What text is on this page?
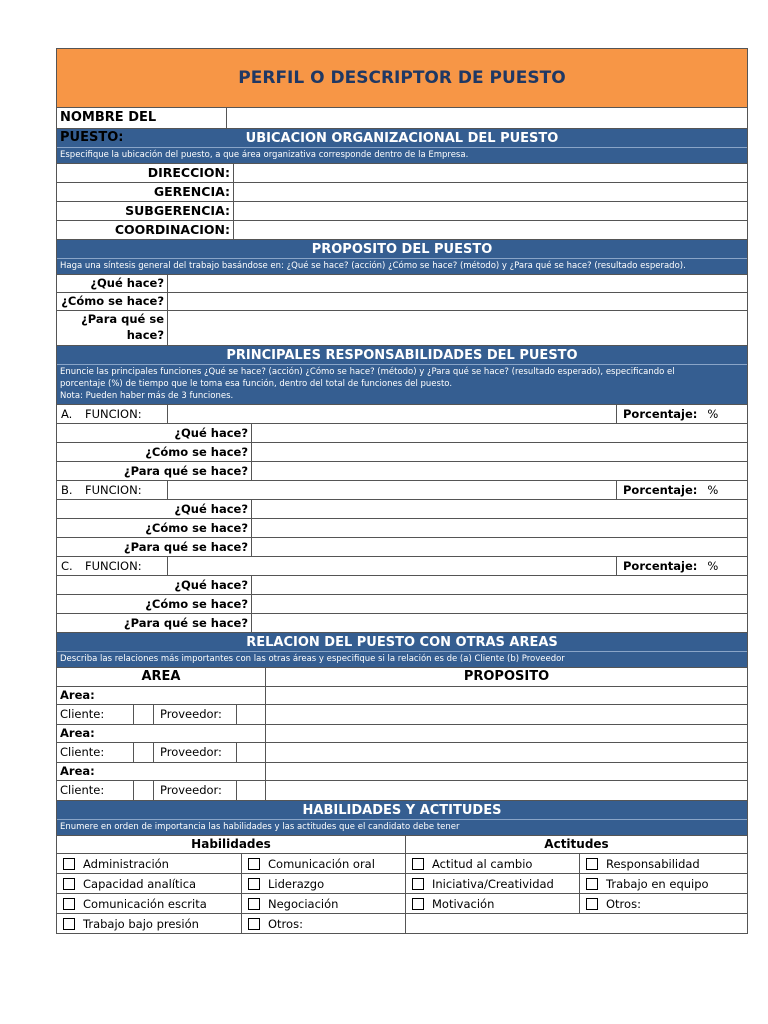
PERFIL O DESCRIPTOR DE PUESTO
NOMBRE DEL PUESTO:	UBICACION ORGANIZACIONAL DEL PUESTO
Especifique la ubicación del puesto, a que área organizativa corresponde dentro de la Empresa.
DIRECCION:
GERENCIA:
SUBGERENCIA:
COORDINACION:
PROPOSITO DEL PUESTO
Haga una síntesis general del trabajo basándose en: ¿Qué se hace? (acción) ¿Cómo se hace? (método) y ¿Para qué se hace? (resultado esperado).
¿Qué hace?
¿Cómo se hace?
¿Para qué se
hace?
PRINCIPALES RESPONSABILIDADES DEL PUESTO
Enuncie las principales funciones ¿Qué se hace? (acción) ¿Cómo se hace? (método) y ¿Para qué se hace? (resultado esperado), especificando el
porcentaje (%) de tiempo que le toma esa función, dentro del total de funciones del puesto.
Nota: Pueden haber más de 3 funciones.
A.	FUNCION:	Porcentaje: %
¿Qué hace?
¿Cómo se hace?
¿Para qué se hace?
B.	FUNCION:	Porcentaje: %
¿Qué hace?
¿Cómo se hace?
¿Para qué se hace?
C.	FUNCION:	Porcentaje: %
¿Qué hace?
¿Cómo se hace?
¿Para qué se hace?
RELACION DEL PUESTO CON OTRAS AREAS
Describa las relaciones más importantes con las otras áreas y especifique si la relación es de (a) Cliente (b) Proveedor
AREA	PROPOSITO
Area:
Cliente:	Proveedor:
Area:
Cliente:	Proveedor:
Area:
Cliente:	Proveedor:
HABILIDADES Y ACTITUDES
Enumere en orden de importancia las habilidades y las actitudes que el candidato debe tener
Habilidades	Actitudes
Administración	Comunicación oral	Actitud al cambio	Responsabilidad
Capacidad analítica	Liderazgo	Iniciativa/Creatividad	Trabajo en equipo
Comunicación escrita	Negociación	Motivación	Otros:
Trabajo bajo presión	Otros:
